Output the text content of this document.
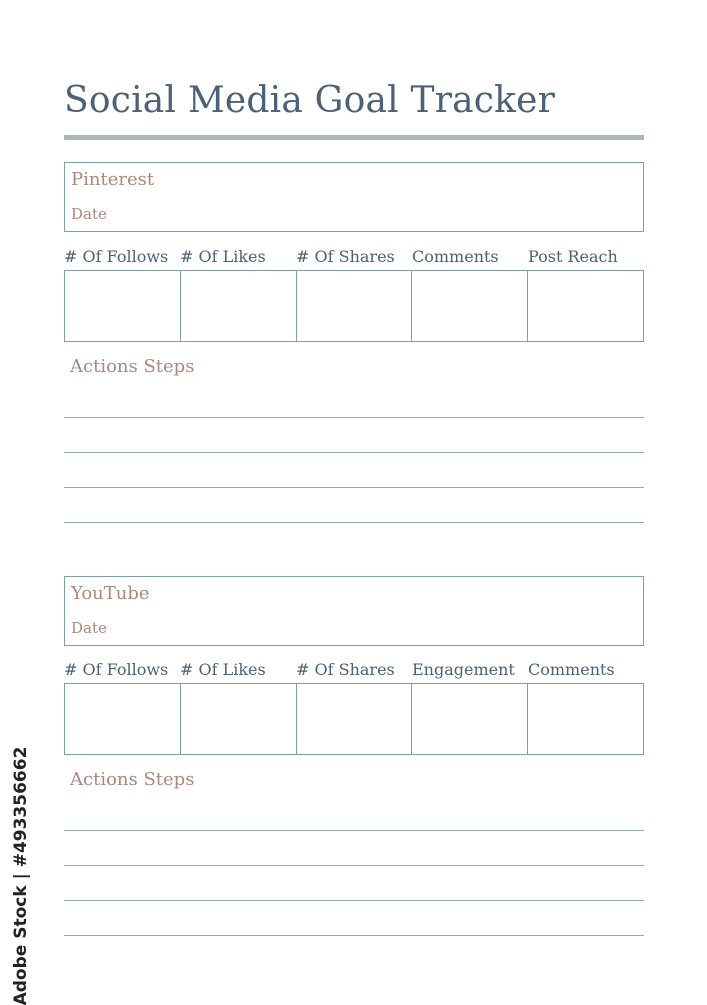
Social Media Goal Tracker
Pinterest
Date
# Of Follows # Of Likes # Of Shares Comments Post Reach
Actions Steps
YouTube
Date
# Of Follows # Of Likes # Of Shares Engagement Comments
Actions Steps
Adobe Stock | #493356662
